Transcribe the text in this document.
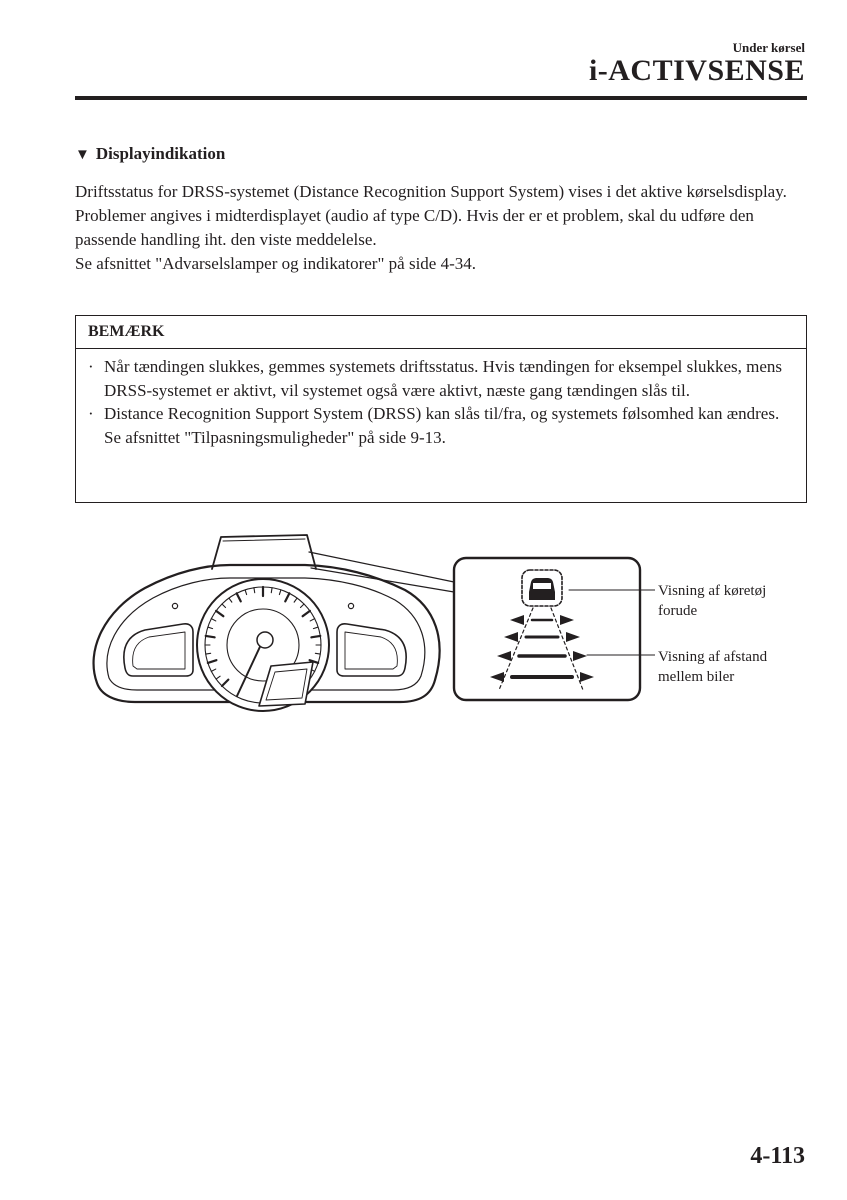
Under kørsel
i-ACTIVSENSE
▼ Displayindikation

Driftsstatus for DRSS-systemet (Distance Recognition Support System) vises i det aktive kørselsdisplay.

Problemer angives i midterdisplayet (audio af type C/D). Hvis der er et problem, skal du udføre den passende handling iht. den viste meddelelse.

Se afsnittet "Advarselslamper og indikatorer" på side 4-34.

BEMÆRK
· Når tændingen slukkes, gemmes systemets driftsstatus. Hvis tændingen for eksempel slukkes, mens DRSS-systemet er aktivt, vil systemet også være aktivt, næste gang tændingen slås til.
· Distance Recognition Support System (DRSS) kan slås til/fra, og systemets følsomhed kan ændres.
Se afsnittet "Tilpasningsmuligheder" på side 9-13.
Visning af køretøj
forude
Visning af afstand
mellem biler
4-113
